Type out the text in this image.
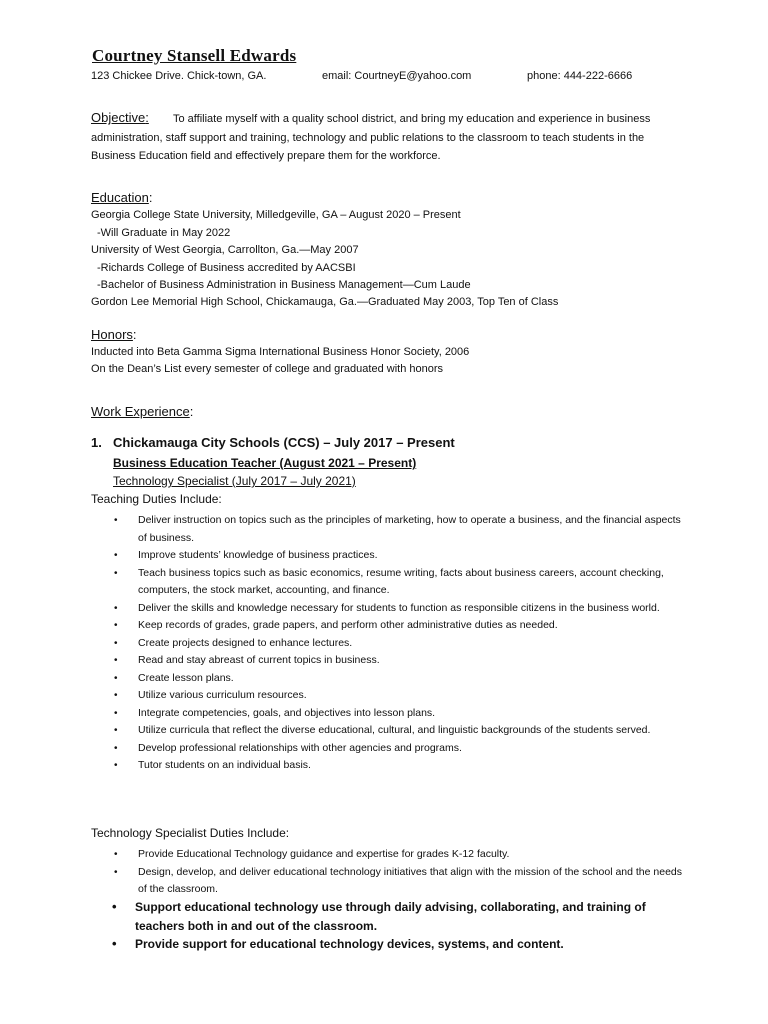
Courtney Stansell Edwards
123 Chickee Drive. Chick-town, GA.	email: CourtneyE@yahoo.com	phone: 444-222-6666
Objective:	To affiliate myself with a quality school district, and bring my education and experience in business administration, staff support and training, technology and public relations to the classroom to teach students in the Business Education field and effectively prepare them for the workforce.
Education:
Georgia College State University, Milledgeville, GA – August 2020 – Present
-Will Graduate in May 2022
University of West Georgia, Carrollton, Ga.—May 2007
-Richards College of Business accredited by AACSBI
-Bachelor of Business Administration in Business Management—Cum Laude
Gordon Lee Memorial High School, Chickamauga, Ga.—Graduated May 2003, Top Ten of Class
Honors:
Inducted into Beta Gamma Sigma International Business Honor Society, 2006
On the Dean’s List every semester of college and graduated with honors
Work Experience:
1. Chickamauga City Schools (CCS) – July 2017 – Present
Business Education Teacher (August 2021 – Present)
Technology Specialist (July 2017 – July 2021)
Teaching Duties Include:
• Deliver instruction on topics such as the principles of marketing, how to operate a business, and the financial aspects of business.
• Improve students’ knowledge of business practices.
• Teach business topics such as basic economics, resume writing, facts about business careers, account checking, computers, the stock market, accounting, and finance.
• Deliver the skills and knowledge necessary for students to function as responsible citizens in the business world.
• Keep records of grades, grade papers, and perform other administrative duties as needed.
• Create projects designed to enhance lectures.
• Read and stay abreast of current topics in business.
• Create lesson plans.
• Utilize various curriculum resources.
• Integrate competencies, goals, and objectives into lesson plans.
• Utilize curricula that reflect the diverse educational, cultural, and linguistic backgrounds of the students served.
• Develop professional relationships with other agencies and programs.
• Tutor students on an individual basis.
Technology Specialist Duties Include:
• Provide Educational Technology guidance and expertise for grades K-12 faculty.
• Design, develop, and deliver educational technology initiatives that align with the mission of the school and the needs of the classroom.
• Support educational technology use through daily advising, collaborating, and training of teachers both in and out of the classroom.
• Provide support for educational technology devices, systems, and content.
